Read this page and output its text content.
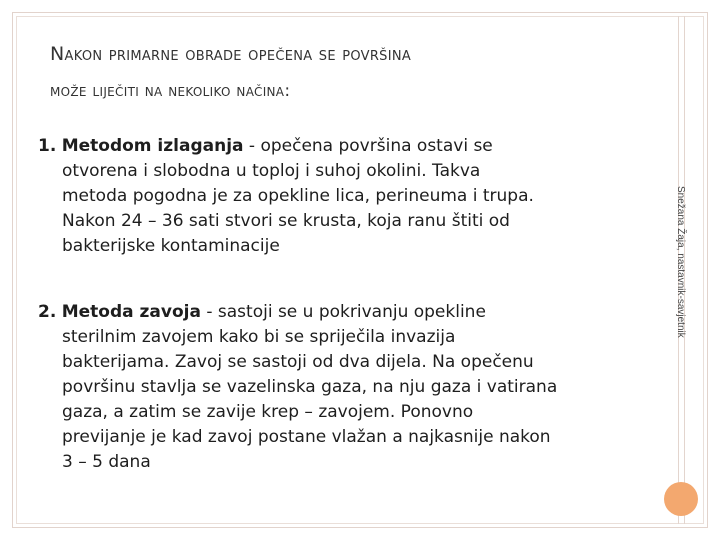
Nakon primarne obrade opečena se površina
može liječiti na nekoliko načina:
1. Metodom izlaganja - opečena površina ostavi se
otvorena i slobodna u toploj i suhoj okolini. Takva
metoda pogodna je za opekline lica, perineuma i trupa.
Nakon 24 – 36 sati stvori se krusta, koja ranu štiti od
bakterijske kontaminacije
2. Metoda zavoja - sastoji se u pokrivanju opekline
sterilnim zavojem kako bi se spriječila invazija
bakterijama. Zavoj se sastoji od dva dijela. Na opečenu
površinu stavlja se vazelinska gaza, na nju gaza i vatirana
gaza, a zatim se zavije krep – zavojem. Ponovno
previjanje je kad zavoj postane vlažan a najkasnije nakon
3 – 5 dana
Snežana Žaja, nastavnik-savjetnik
